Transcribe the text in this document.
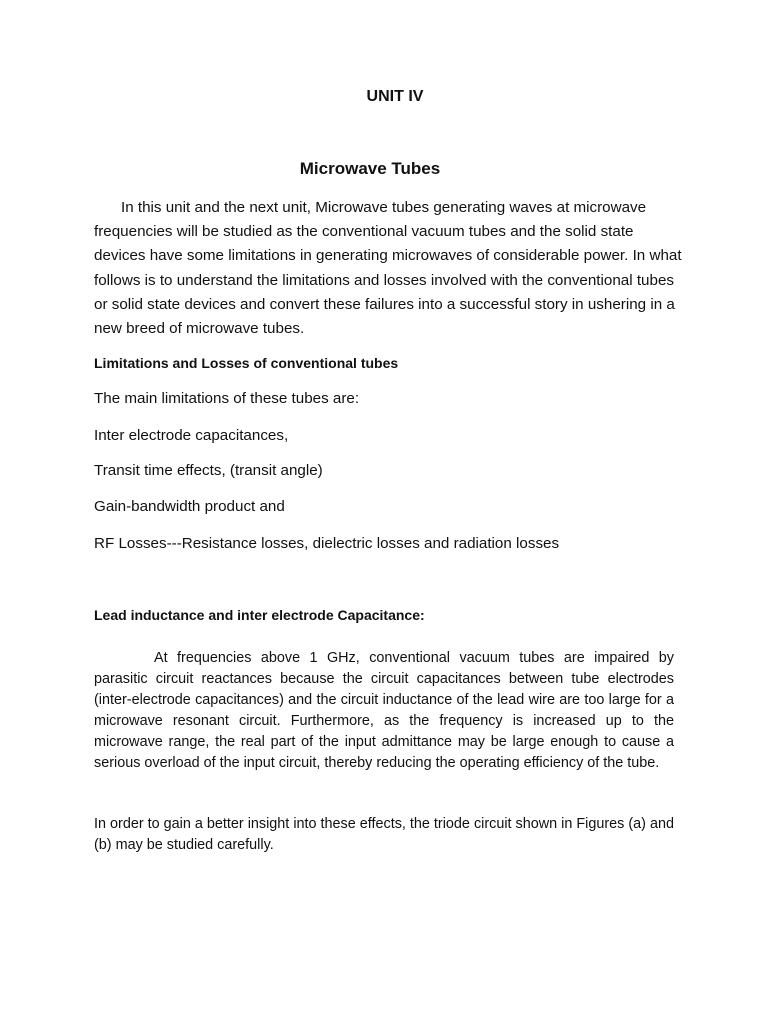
UNIT IV
Microwave Tubes

In this unit and the next unit, Microwave tubes generating waves at microwave frequencies will be studied as the conventional vacuum tubes and the solid state devices have some limitations in generating microwaves of considerable power. In what follows is to understand the limitations and losses involved with the conventional tubes or solid state devices and convert these failures into a successful story in ushering in a new breed of microwave tubes.

Limitations and Losses of conventional tubes

The main limitations of these tubes are:

Inter electrode capacitances,

Transit time effects, (transit angle)

Gain-bandwidth product and

RF Losses---Resistance losses, dielectric losses and radiation losses

Lead inductance and inter electrode Capacitance:

At frequencies above 1 GHz, conventional vacuum tubes are impaired by parasitic circuit reactances because the circuit capacitances between tube electrodes (inter-electrode capacitances) and the circuit inductance of the lead wire are too large for a microwave resonant circuit. Furthermore, as the frequency is increased up to the microwave range, the real part of the input admittance may be large enough to cause a serious overload of the input circuit, thereby reducing the operating efficiency of the tube.

In order to gain a better insight into these effects, the triode circuit shown in Figures (a) and (b) may be studied carefully.
